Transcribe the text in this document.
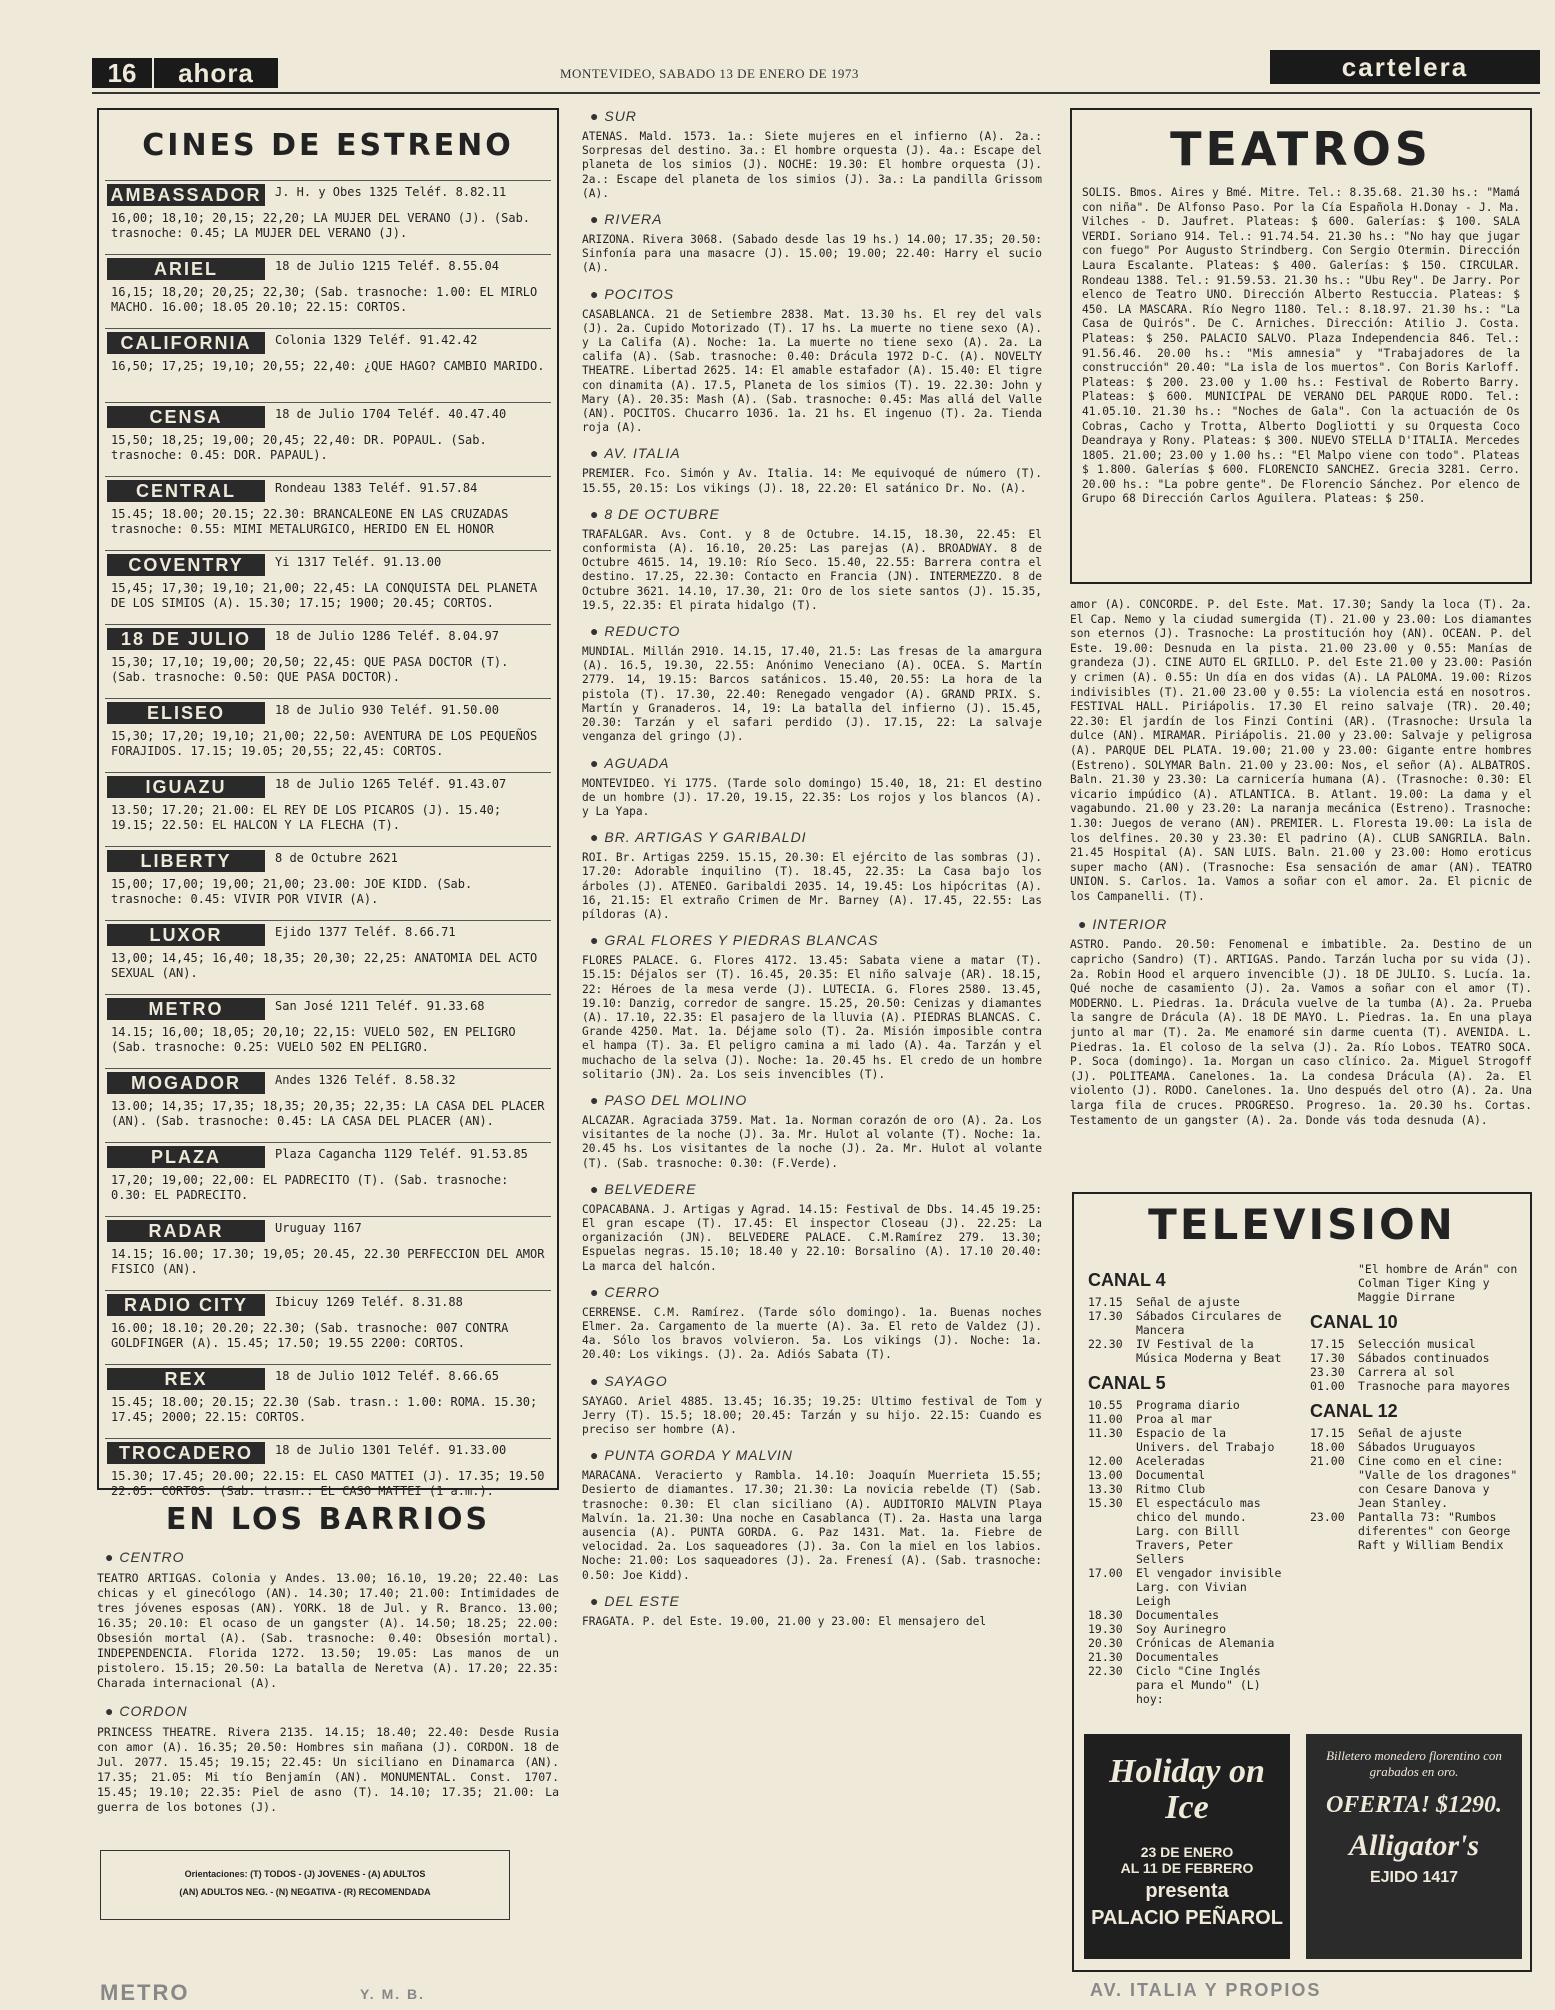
16	ahora	MONTEVIDEO, SABADO 13 DE ENERO DE 1973	cartelera
CINES DE ESTRENO
AMBASSADOR J. H. y Obes 1325 Teléf. 8.82.11
16,00; 18,10; 20,15; 22,20; LA MUJER DEL VERANO (J). (Sab. trasnoche: 0.45; LA MUJER DEL VERANO (J).
ARIEL	18 de Julio 1215 Teléf. 8.55.04
16,15; 18,20; 20,25; 22,30; (Sab. trasnoche: 1.00: EL MIRLO MACHO. 16.00; 18.05 20.10; 22.15: CORTOS.
CALIFORNIA	Colonia 1329 Teléf. 91.42.42
16,50; 17,25; 19,10; 20,55; 22,40: ¿QUE HAGO? CAMBIO MARIDO.
CENSA	18 de Julio 1704 Teléf. 40.47.40
15,50; 18,25; 19,00; 20,45; 22,40: DR. POPAUL. (Sab. trasnoche: 0.45: DOR. PAPAUL).
CENTRAL	Rondeau 1383 Teléf. 91.57.84
15.45; 18.00; 20.15; 22.30: BRANCALEONE EN LAS CRUZADAS trasnoche: 0.55: MIMI METALURGICO, HERIDO EN EL HONOR
COVENTRY	Yi 1317 Teléf. 91.13.00
15,45; 17,30; 19,10; 21,00; 22,45: LA CONQUISTA DEL PLANETA DE LOS SIMIOS (A). 15.30; 17.15; 1900; 20.45; CORTOS.
18 DE JULIO	18 de Julio 1286 Teléf. 8.04.97
15,30; 17,10; 19,00; 20,50; 22,45: QUE PASA DOCTOR (T). (Sab. trasnoche: 0.50: QUE PASA DOCTOR).
ELISEO	18 de Julio 930 Teléf. 91.50.00
15,30; 17,20; 19,10; 21,00; 22,50: AVENTURA DE LOS PEQUEÑOS FORAJIDOS. 17.15; 19.05; 20,55; 22,45: CORTOS.
IGUAZU	18 de Julio 1265 Teléf. 91.43.07
13.50; 17.20; 21.00: EL REY DE LOS PICAROS (J). 15.40; 19.15; 22.50: EL HALCON Y LA FLECHA (T).
LIBERTY	8 de Octubre 2621
15,00; 17,00; 19,00; 21,00; 23.00: JOE KIDD. (Sab. trasnoche: 0.45: VIVIR POR VIVIR (A).
LUXOR	Ejido 1377 Teléf. 8.66.71
13,00; 14,45; 16,40; 18,35; 20,30; 22,25: ANATOMIA DEL ACTO SEXUAL (AN).
METRO	San José 1211 Teléf. 91.33.68
14.15; 16,00; 18,05; 20,10; 22,15: VUELO 502, EN PELIGRO (Sab. trasnoche: 0.25: VUELO 502 EN PELIGRO.
MOGADOR	Andes 1326 Teléf. 8.58.32
13.00; 14,35; 17,35; 18,35; 20,35; 22,35: LA CASA DEL PLACER (AN). (Sab. trasnoche: 0.45: LA CASA DEL PLACER (AN).
PLAZA	Plaza Cagancha 1129 Teléf. 91.53.85
17,20; 19,00; 22,00: EL PADRECITO (T). (Sab. trasnoche: 0.30: EL PADRECITO.
RADAR	Uruguay 1167
14.15; 16.00; 17.30; 19,05; 20.45, 22.30 PERFECCION DEL AMOR FISICO (AN).
RADIO CITY	Ibicuy 1269 Teléf. 8.31.88
16.00; 18.10; 20.20; 22.30; (Sab. trasnoche: 007 CONTRA GOLDFINGER (A). 15.45; 17.50; 19.55 2200: CORTOS.
REX	18 de Julio 1012 Teléf. 8.66.65
15.45; 18.00; 20.15; 22.30 (Sab. trasn.: 1.00: ROMA. 15.30; 17.45; 2000; 22.15: CORTOS.
TROCADERO	18 de Julio 1301 Teléf. 91.33.00
15.30; 17.45; 20.00; 22.15: EL CASO MATTEI (J). 17.35; 19.50 22.05: CORTOS. (Sab. trasn.: EL CASO MATTEI (1 a.m.).
EN LOS BARRIOS
● CENTRO
TEATRO ARTIGAS. Colonia y Andes. 13.00; 16.10, 19.20; 22.40: Las chicas y el ginecólogo (AN). 14.30; 17.40; 21.00: Intimidades de tres jóvenes esposas (AN). YORK. 18 de Jul. y R. Branco. 13.00; 16.35; 20.10: El ocaso de un gangster (A). 14.50; 18.25; 22.00: Obsesión mortal (A). (Sab. trasnoche: 0.40: Obsesión mortal). INDEPENDENCIA. Florida 1272. 13.50; 19.05: Las manos de un pistolero. 15.15; 20.50: La batalla de Neretva (A). 17.20; 22.35: Charada internacional (A).
● CORDON
PRINCESS THEATRE. Rivera 2135. 14.15; 18.40; 22.40: Desde Rusia con amor (A). 16.35; 20.50: Hombres sin mañana (J). CORDON. 18 de Jul. 2077. 15.45; 19.15; 22.45: Un siciliano en Dinamarca (AN). 17.35; 21.05: Mi tío Benjamín (AN). MONUMENTAL. Const. 1707. 15.45; 19.10; 22.35: Piel de asno (T). 14.10; 17.35; 21.00: La guerra de los botones (J).
Orientaciones: (T) TODOS - (J) JOVENES - (A) ADULTOS
(AN) ADULTOS NEG. - (N) NEGATIVA - (R) RECOMENDADA
● SUR
ATENAS. Mald. 1573. 1a.: Siete mujeres en el infierno (A). 2a.: Sorpresas del destino. 3a.: El hombre orquesta (J). 4a.: Escape del planeta de los simios (J). NOCHE: 19.30: El hombre orquesta (J). 2a.: Escape del planeta de los simios (J). 3a.: La pandilla Grissom (A).
● RIVERA
ARIZONA. Rivera 3068. (Sabado desde las 19 hs.) 14.00; 17.35; 20.50: Sinfonía para una masacre (J). 15.00; 19.00; 22.40: Harry el sucio (A).
● POCITOS
CASABLANCA. 21 de Setiembre 2838. Mat. 13.30 hs. El rey del vals (J). 2a. Cupido Motorizado (T). 17 hs. La muerte no tiene sexo (A). y La Califa (A). Noche: 1a. La muerte no tiene sexo (A). 2a. La califa (A). (Sab. trasnoche: 0.40: Drácula 1972 D-C. (A). NOVELTY THEATRE. Libertad 2625. 14: El amable estafador (A). 15.40: El tigre con dinamita (A). 17.5, Planeta de los simios (T). 19. 22.30: John y Mary (A). 20.35: Mash (A). (Sab. trasnoche: 0.45: Mas allá del Valle (AN). POCITOS. Chucarro 1036. 1a. 21 hs. El ingenuo (T). 2a. Tienda roja (A).
● AV. ITALIA
PREMIER. Fco. Simón y Av. Italia. 14: Me equivoqué de número (T). 15.55, 20.15: Los vikings (J). 18, 22.20: El satánico Dr. No. (A).
● 8 DE OCTUBRE
TRAFALGAR. Avs. Cont. y 8 de Octubre. 14.15, 18.30, 22.45: El conformista (A). 16.10, 20.25: Las parejas (A). BROADWAY. 8 de Octubre 4615. 14, 19.10: Río Seco. 15.40, 22.55: Barrera contra el destino. 17.25, 22.30: Contacto en Francia (JN). INTERMEZZO. 8 de Octubre 3621. 14.10, 17.30, 21: Oro de los siete santos (J). 15.35, 19.5, 22.35: El pirata hidalgo (T).
● REDUCTO
MUNDIAL. Millán 2910. 14.15, 17.40, 21.5: Las fresas de la amargura (A). 16.5, 19.30, 22.55: Anónimo Veneciano (A). OCEA. S. Martín 2779. 14, 19.15: Barcos satánicos. 15.40, 20.55: La hora de la pistola (T). 17.30, 22.40: Renegado vengador (A). GRAND PRIX. S. Martín y Granaderos. 14, 19: La batalla del infierno (J). 15.45, 20.30: Tarzán y el safari perdido (J). 17.15, 22: La salvaje venganza del gringo (J).
● AGUADA
MONTEVIDEO. Yi 1775. (Tarde solo domingo) 15.40, 18, 21: El destino de un hombre (J). 17.20, 19.15, 22.35: Los rojos y los blancos (A). y La Yapa.
● BR. ARTIGAS Y GARIBALDI
ROI. Br. Artigas 2259. 15.15, 20.30: El ejército de las sombras (J). 17.20: Adorable inquilino (T). 18.45, 22.35: La Casa bajo los árboles (J). ATENEO. Garibaldi 2035. 14, 19.45: Los hipócritas (A). 16, 21.15: El extraño Crimen de Mr. Barney (A). 17.45, 22.55: Las píldoras (A).
● GRAL FLORES Y PIEDRAS BLANCAS
FLORES PALACE. G. Flores 4172. 13.45: Sabata viene a matar (T). 15.15: Déjalos ser (T). 16.45, 20.35: El niño salvaje (AR). 18.15, 22: Héroes de la mesa verde (J). LUTECIA. G. Flores 2580. 13.45, 19.10: Danzig, corredor de sangre. 15.25, 20.50: Cenizas y diamantes (A). 17.10, 22.35: El pasajero de la lluvia (A). PIEDRAS BLANCAS. C. Grande 4250. Mat. 1a. Déjame solo (T). 2a. Misión imposible contra el hampa (T). 3a. El peligro camina a mi lado (A). 4a. Tarzán y el muchacho de la selva (J). Noche: 1a. 20.45 hs. El credo de un hombre solitario (JN). 2a. Los seis invencibles (T).
● PASO DEL MOLINO
ALCAZAR. Agraciada 3759. Mat. 1a. Norman corazón de oro (A). 2a. Los visitantes de la noche (J). 3a. Mr. Hulot al volante (T). Noche: 1a. 20.45 hs. Los visitantes de la noche (J). 2a. Mr. Hulot al volante (T). (Sab. trasnoche: 0.30: (F.Verde).
● BELVEDERE
COPACABANA. J. Artigas y Agrad. 14.15: Festival de Dbs. 14.45 19.25: El gran escape (T). 17.45: El inspector Closeau (J). 22.25: La organización (JN). BELVEDERE PALACE. C.M.Ramírez 279. 13.30; Espuelas negras. 15.10; 18.40 y 22.10: Borsalino (A). 17.10 20.40: La marca del halcón.
● CERRO
CERRENSE. C.M. Ramírez. (Tarde sólo domingo). 1a. Buenas noches Elmer. 2a. Cargamento de la muerte (A). 3a. El reto de Valdez (J). 4a. Sólo los bravos volvieron. 5a. Los vikings (J). Noche: 1a. 20.40: Los vikings. (J). 2a. Adiós Sabata (T).
● SAYAGO
SAYAGO. Ariel 4885. 13.45; 16.35; 19.25: Ultimo festival de Tom y Jerry (T). 15.5; 18.00; 20.45: Tarzán y su hijo. 22.15: Cuando es preciso ser hombre (A).
● PUNTA GORDA Y MALVIN
MARACANA. Veracierto y Rambla. 14.10: Joaquín Muerrieta 15.55; Desierto de diamantes. 17.30; 21.30: La novicia rebelde (T) (Sab. trasnoche: 0.30: El clan siciliano (A). AUDITORIO MALVIN Playa Malvín. 1a. 21.30: Una noche en Casablanca (T). 2a. Hasta una larga ausencia (A). PUNTA GORDA. G. Paz 1431. Mat. 1a. Fiebre de velocidad. 2a. Los saqueadores (J). 3a. Con la miel en los labios. Noche: 21.00: Los saqueadores (J). 2a. Frenesí (A). (Sab. trasnoche: 0.50: Joe Kidd).
● DEL ESTE
FRAGATA. P. del Este. 19.00, 21.00 y 23.00: El mensajero del
TEATROS
SOLIS. Bmos. Aires y Bmé. Mitre. Tel.: 8.35.68. 21.30 hs.: "Mamá con niña". De Alfonso Paso. Por la Cía Española H.Donay - J. Ma. Vilches - D. Jaufret. Plateas: $ 600. Galerías: $ 100. SALA VERDI. Soriano 914. Tel.: 91.74.54. 21.30 hs.: "No hay que jugar con fuego" Por Augusto Strindberg. Con Sergio Otermin. Dirección Laura Escalante. Plateas: $ 400. Galerías: $ 150. CIRCULAR. Rondeau 1388. Tel.: 91.59.53. 21.30 hs.: "Ubu Rey". De Jarry. Por elenco de Teatro UNO. Dirección Alberto Restuccia. Plateas: $ 450. LA MASCARA. Río Negro 1180. Tel.: 8.18.97. 21.30 hs.: "La Casa de Quirós". De C. Arniches. Dirección: Atilio J. Costa. Plateas: $ 250. PALACIO SALVO. Plaza Independencia 846. Tel.: 91.56.46. 20.00 hs.: "Mis amnesia" y "Trabajadores de la construcción" 20.40: "La isla de los muertos". Con Boris Karloff. Plateas: $ 200. 23.00 y 1.00 hs.: Festival de Roberto Barry. Plateas: $ 600. MUNICIPAL DE VERANO DEL PARQUE RODO. Tel.: 41.05.10. 21.30 hs.: "Noches de Gala". Con la actuación de Os Cobras, Cacho y Trotta, Alberto Dogliotti y su Orquesta Coco Deandraya y Rony. Plateas: $ 300. NUEVO STELLA D'ITALIA. Mercedes 1805. 21.00; 23.00 y 1.00 hs.: "El Malpo viene con todo". Plateas $ 1.800. Galerías $ 600. FLORENCIO SANCHEZ. Grecia 3281. Cerro. 20.00 hs.: "La pobre gente". De Florencio Sánchez. Por elenco de Grupo 68 Dirección Carlos Aguilera. Plateas: $ 250.
amor (A). CONCORDE. P. del Este. Mat. 17.30; Sandy la loca (T). 2a. El Cap. Nemo y la ciudad sumergida (T). 21.00 y 23.00: Los diamantes son eternos (J). Trasnoche: La prostitución hoy (AN). OCEAN. P. del Este. 19.00: Desnuda en la pista. 21.00 23.00 y 0.55: Manías de grandeza (J). CINE AUTO EL GRILLO. P. del Este 21.00 y 23.00: Pasión y crimen (A). 0.55: Un día en dos vidas (A). LA PALOMA. 19.00: Rizos indivisibles (T). 21.00 23.00 y 0.55: La violencia está en nosotros. FESTIVAL HALL. Piriápolis. 17.30 El reino salvaje (TR). 20.40; 22.30: El jardín de los Finzi Contini (AR). (Trasnoche: Ursula la dulce (AN). MIRAMAR. Piriápolis. 21.00 y 23.00: Salvaje y peligrosa (A). PARQUE DEL PLATA. 19.00; 21.00 y 23.00: Gigante entre hombres (Estreno). SOLYMAR Baln. 21.00 y 23.00: Nos, el señor (A). ALBATROS. Baln. 21.30 y 23.30: La carnicería humana (A). (Trasnoche: 0.30: El vicario impúdico (A). ATLANTICA. B. Atlant. 19.00: La dama y el vagabundo. 21.00 y 23.20: La naranja mecánica (Estreno). Trasnoche: 1.30: Juegos de verano (AN). PREMIER. L. Floresta 19.00: La isla de los delfines. 20.30 y 23.30: El padrino (A). CLUB SANGRILA. Baln. 21.45 Hospital (A). SAN LUIS. Baln. 21.00 y 23.00: Homo eroticus super macho (AN). (Trasnoche: Esa sensación de amar (AN). TEATRO UNION. S. Carlos. 1a. Vamos a soñar con el amor. 2a. El picnic de los Campanelli. (T).
● INTERIOR
ASTRO. Pando. 20.50: Fenomenal e imbatible. 2a. Destino de un capricho (Sandro) (T). ARTIGAS. Pando. Tarzán lucha por su vida (J). 2a. Robin Hood el arquero invencible (J). 18 DE JULIO. S. Lucía. 1a. Qué noche de casamiento (J). 2a. Vamos a soñar con el amor (T). MODERNO. L. Piedras. 1a. Drácula vuelve de la tumba (A). 2a. Prueba la sangre de Drácula (A). 18 DE MAYO. L. Piedras. 1a. En una playa junto al mar (T). 2a. Me enamoré sin darme cuenta (T). AVENIDA. L. Piedras. 1a. El coloso de la selva (J). 2a. Río Lobos. TEATRO SOCA. P. Soca (domingo). 1a. Morgan un caso clínico. 2a. Miguel Strogoff (J). POLITEAMA. Canelones. 1a. La condesa Drácula (A). 2a. El violento (J). RODO. Canelones. 1a. Uno después del otro (A). 2a. Una larga fila de cruces. PROGRESO. Progreso. 1a. 20.30 hs. Cortas. Testamento de un gangster (A). 2a. Donde vás toda desnuda (A).
TELEVISION
CANAL 4
17.15	Señal de ajuste
17.30	Sábados Circulares de Mancera
22.30	IV Festival de la Música Moderna y Beat
CANAL 5
10.55	Programa diario
11.00	Proa al mar
11.30	Espacio de la Univers. del Trabajo
12.00	Aceleradas
13.00	Documental
13.30	Ritmo Club
15.30	El espectáculo mas chico del mundo. Larg. con Billl Travers, Peter Sellers
17.00	El vengador invisible Larg. con Vivian Leigh
18.30	Documentales
19.30	Soy Aurinegro
20.30	Crónicas de Alemania
21.30	Documentales
22.30	Ciclo "Cine Inglés para el Mundo" (L) hoy:
"El hombre de Arán" con Colman Tiger King y Maggie Dirrane
CANAL 10
17.15	Selección musical
17.30	Sábados continuados
23.30	Carrera al sol
01.00	Trasnoche para mayores
CANAL 12
17.15	Señal de ajuste
18.00	Sábados Uruguayos
21.00	Cine como en el cine: "Valle de los dragones" con Cesare Danova y Jean Stanley.
23.00	Pantalla 73: "Rumbos diferentes" con George Raft y William Bendix
Holiday on Ice
23 DE ENERO
AL 11 DE FEBRERO
presenta
PALACIO PEÑAROL
Billetero monedero florentino con grabados en oro.
OFERTA! $1290.
Alligator's
EJIDO 1417
METRO	Y. M. B.	AV. ITALIA Y PROPIOS
